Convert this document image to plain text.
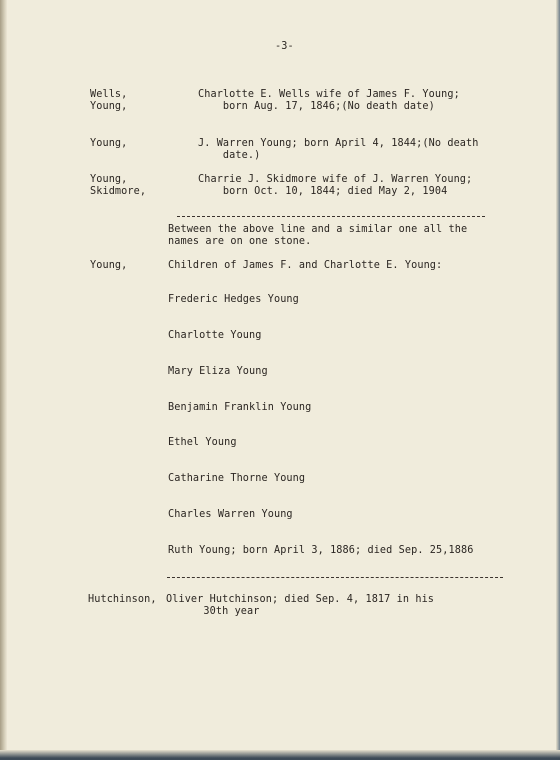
-3-

Wells,

Young,

Charlotte E. Wells wife of James F. Young;

born Aug. 17, 1846;(No death date)

Young,	J. Warren Young; born April 4, 1844;(No death

date.)

Young,

Skidmore,

Charrie J. Skidmore wife of J. Warren Young;

born Oct. 10, 1844; died May 2, 1904

Between the above line and a similar one all the

names are on one stone.

Young,	Children of James F. and Charlotte E. Young:

Frederic Hedges Young

Charlotte Young

Mary Eliza Young

Benjamin Franklin Young

Ethel Young

Catharine Thorne Young

Charles Warren Young

Ruth Young; born April 3, 1886; died Sep. 25,1886

Hutchinson, Oliver Hutchinson; died Sep. 4, 1817 in his

30th year
